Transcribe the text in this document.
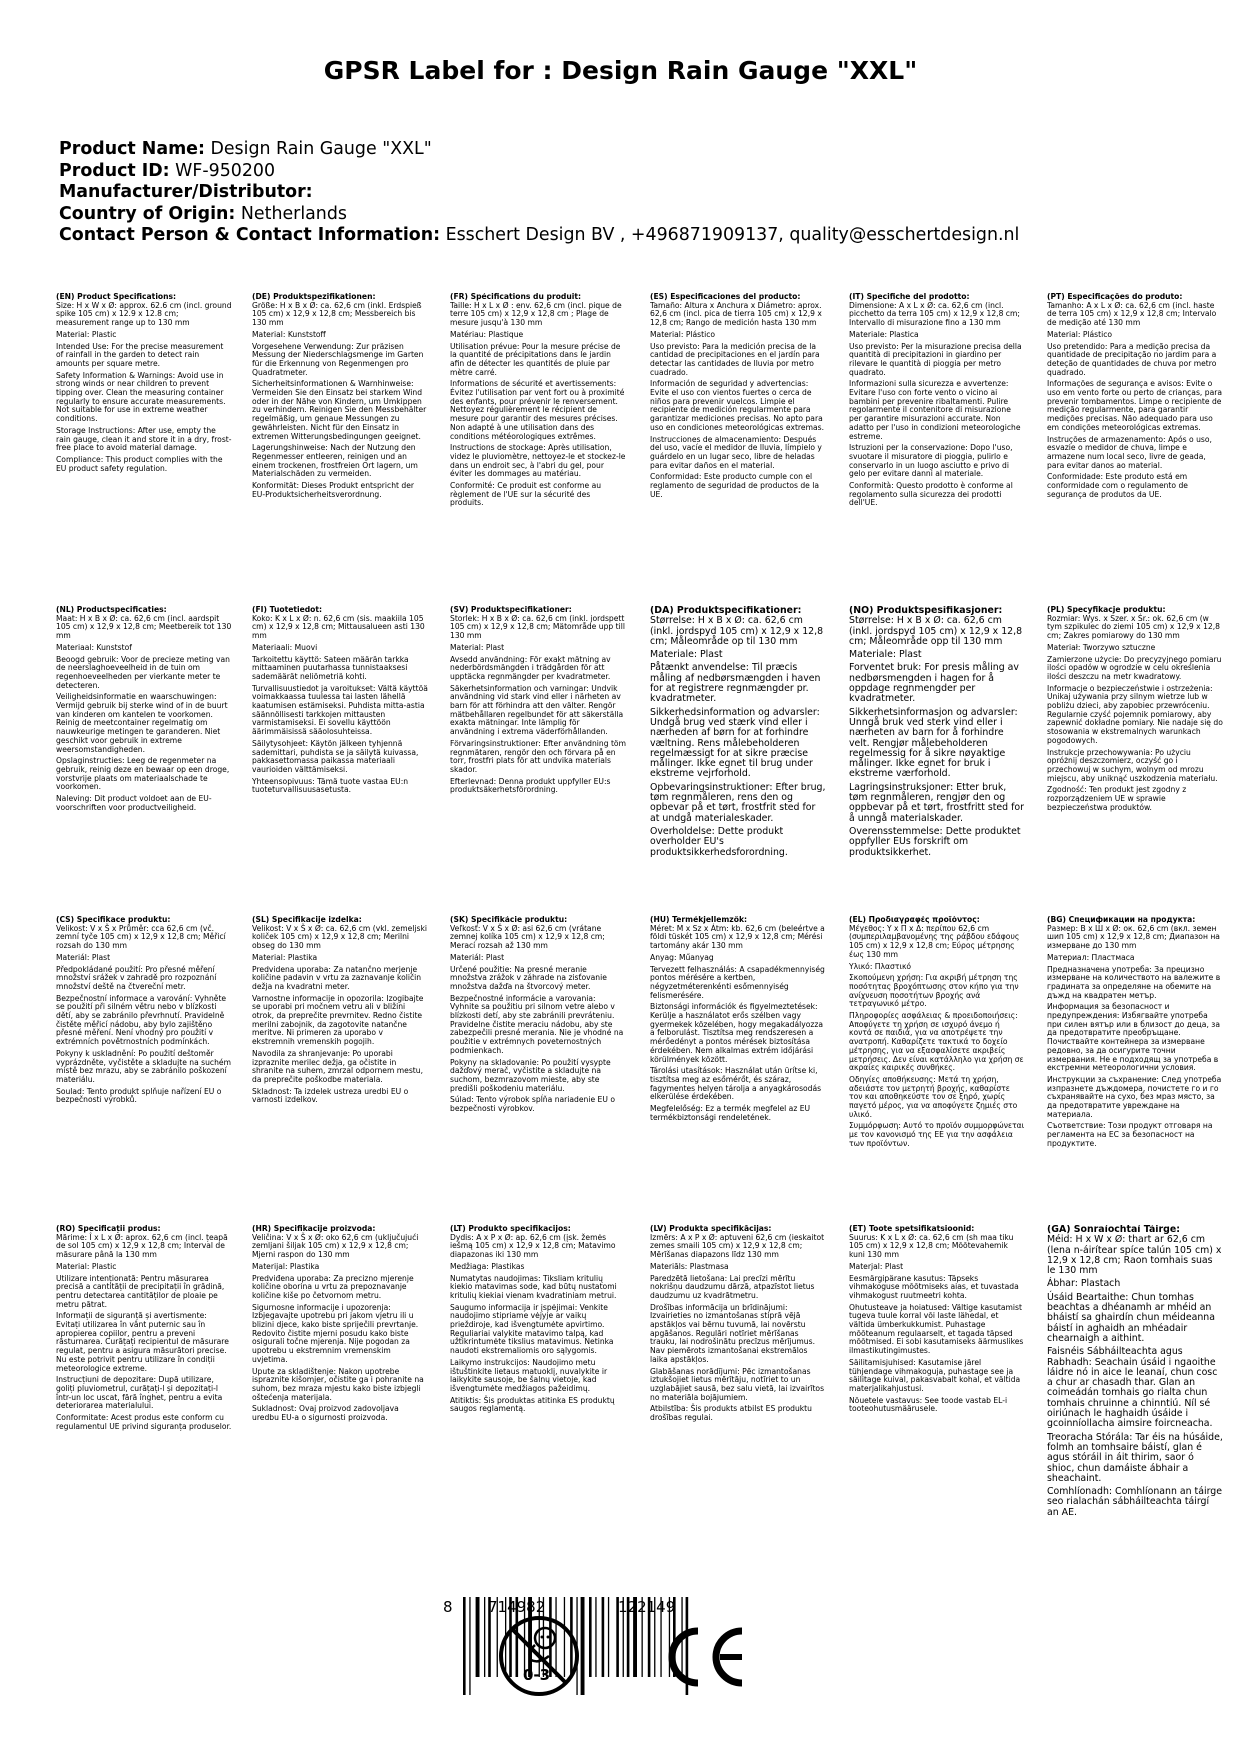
GPSR Label for : Design Rain Gauge "XXL"
Product Name: Design Rain Gauge "XXL"
Product ID: WF-950200
Manufacturer/Distributor:
Country of Origin: Netherlands
Contact Person & Contact Information: Esschert Design BV , +496871909137, quality@esschertdesign.nl
(EN) Product Specifications:

Size: H x W x Ø: approx. 62.6 cm (incl. ground spike 105 cm) x 12.9 x 12.8 cm; measurement range up to 130 mm

Material: Plastic

Intended Use: For the precise measurement of rainfall in the garden to detect rain amounts per square metre.

Safety Information & Warnings: Avoid use in strong winds or near children to prevent tipping over. Clean the measuring container regularly to ensure accurate measurements. Not suitable for use in extreme weather conditions.

Storage Instructions: After use, empty the rain gauge, clean it and store it in a dry, frost-free place to avoid material damage.

Compliance: This product complies with the EU product safety regulation.

(DE) Produktspezifikationen:

Größe: H x B x Ø: ca. 62,6 cm (inkl. Erdspieß 105 cm) x 12,9 x 12,8 cm; Messbereich bis 130 mm

Material: Kunststoff

Vorgesehene Verwendung: Zur präzisen Messung der Niederschlagsmenge im Garten für die Erkennung von Regenmengen pro Quadratmeter.

Sicherheitsinformationen & Warnhinweise: Vermeiden Sie den Einsatz bei starkem Wind oder in der Nähe von Kindern, um Umkippen zu verhindern. Reinigen Sie den Messbehälter regelmäßig, um genaue Messungen zu gewährleisten. Nicht für den Einsatz in extremen Witterungsbedingungen geeignet.

Lagerungshinweise: Nach der Nutzung den Regenmesser entleeren, reinigen und an einem trockenen, frostfreien Ort lagern, um Materialschäden zu vermeiden.

Konformität: Dieses Produkt entspricht der EU-Produktsicherheitsverordnung.

(FR) Spécifications du produit:

Taille: H x L x Ø : env. 62,6 cm (incl. pique de terre 105 cm) x 12,9 x 12,8 cm ; Plage de mesure jusqu'à 130 mm

Matériau: Plastique

Utilisation prévue: Pour la mesure précise de la quantité de précipitations dans le jardin afin de détecter les quantités de pluie par mètre carré.

Informations de sécurité et avertissements: Évitez l'utilisation par vent fort ou à proximité des enfants, pour prévenir le renversement. Nettoyez régulièrement le récipient de mesure pour garantir des mesures précises. Non adapté à une utilisation dans des conditions météorologiques extrêmes.

Instructions de stockage: Après utilisation, videz le pluviomètre, nettoyez-le et stockez-le dans un endroit sec, à l'abri du gel, pour éviter les dommages au matériau.

Conformité: Ce produit est conforme au règlement de l'UE sur la sécurité des produits.

(ES) Especificaciones del producto:

Tamaño: Altura x Anchura x Diámetro: aprox. 62,6 cm (incl. pica de tierra 105 cm) x 12,9 x 12,8 cm; Rango de medición hasta 130 mm

Material: Plástico

Uso previsto: Para la medición precisa de la cantidad de precipitaciones en el jardín para detectar las cantidades de lluvia por metro cuadrado.

Información de seguridad y advertencias: Evite el uso con vientos fuertes o cerca de niños para prevenir vuelcos. Limpie el recipiente de medición regularmente para garantizar mediciones precisas. No apto para uso en condiciones meteorológicas extremas.

Instrucciones de almacenamiento: Después del uso, vacíe el medidor de lluvia, límpielo y guárdelo en un lugar seco, libre de heladas para evitar daños en el material.

Conformidad: Este producto cumple con el reglamento de seguridad de productos de la UE.

(IT) Specifiche del prodotto:

Dimensione: A x L x Ø: ca. 62,6 cm (incl. picchetto da terra 105 cm) x 12,9 x 12,8 cm; Intervallo di misurazione fino a 130 mm

Materiale: Plastica

Uso previsto: Per la misurazione precisa della quantità di precipitazioni in giardino per rilevare le quantità di pioggia per metro quadrato.

Informazioni sulla sicurezza e avvertenze: Evitare l'uso con forte vento o vicino ai bambini per prevenire ribaltamenti. Pulire regolarmente il contenitore di misurazione per garantire misurazioni accurate. Non adatto per l'uso in condizioni meteorologiche estreme.

Istruzioni per la conservazione: Dopo l'uso, svuotare il misuratore di pioggia, pulirlo e conservarlo in un luogo asciutto e privo di gelo per evitare danni al materiale.

Conformità: Questo prodotto è conforme al regolamento sulla sicurezza dei prodotti dell'UE.

(PT) Especificações do produto:

Tamanho: A x L x Ø: ca. 62,6 cm (incl. haste de terra 105 cm) x 12,9 x 12,8 cm; Intervalo de medição até 130 mm

Material: Plástico

Uso pretendido: Para a medição precisa da quantidade de precipitação no jardim para a deteção de quantidades de chuva por metro quadrado.

Informações de segurança e avisos: Evite o uso em vento forte ou perto de crianças, para prevenir tombamentos. Limpe o recipiente de medição regularmente, para garantir medições precisas. Não adequado para uso em condições meteorológicas extremas.

Instruções de armazenamento: Após o uso, esvazie o medidor de chuva, limpe e armazene num local seco, livre de geada, para evitar danos ao material.

Conformidade: Este produto está em conformidade com o regulamento de segurança de produtos da UE.

(NL) Productspecificaties:

Maat: H x B x Ø: ca. 62,6 cm (incl. aardspit 105 cm) x 12,9 x 12,8 cm; Meetbereik tot 130 mm

Materiaal: Kunststof

Beoogd gebruik: Voor de precieze meting van de neerslaghoeveelheid in de tuin om regenhoeveelheden per vierkante meter te detecteren.

Veiligheidsinformatie en waarschuwingen: Vermijd gebruik bij sterke wind of in de buurt van kinderen om kantelen te voorkomen. Reinig de meetcontainer regelmatig om nauwkeurige metingen te garanderen. Niet geschikt voor gebruik in extreme weersomstandigheden.

Opslaginstructies: Leeg de regenmeter na gebruik, reinig deze en bewaar op een droge, vorstvrije plaats om materiaalschade te voorkomen.

Naleving: Dit product voldoet aan de EU-voorschriften voor productveiligheid.

(FI) Tuotetiedot:

Koko: K x L x Ø: n. 62,6 cm (sis. maakiila 105 cm) x 12,9 x 12,8 cm; Mittausalueen asti 130 mm

Materiaali: Muovi

Tarkoitettu käyttö: Sateen määrän tarkka mittaaminen puutarhassa tunnistaaksesi sademäärät neliömetriä kohti.

Turvallisuustiedot ja varoitukset: Vältä käyttöä voimakkaassa tuulessa tai lasten lähellä kaatumisen estämiseksi. Puhdista mitta-astia säännöllisesti tarkkojen mittausten varmistamiseksi. Ei sovellu käyttöön äärimmäisissä sääolosuhteissa.

Säilytysohjeet: Käytön jälkeen tyhjennä sademittari, puhdista se ja säilytä kuivassa, pakkasettomassa paikassa materiaali vaurioiden välttämiseksi.

Yhteensopivuus: Tämä tuote vastaa EU:n tuoteturvallisuusasetusta.

(SV) Produktspecifikationer:

Storlek: H x B x Ø: ca. 62,6 cm (inkl. jordspett 105 cm) x 12,9 x 12,8 cm; Mätområde upp till 130 mm

Material: Plast

Avsedd användning: För exakt mätning av nederbördsmängden i trädgården för att upptäcka regnmängder per kvadratmeter.

Säkerhetsinformation och varningar: Undvik användning vid stark vind eller i närheten av barn för att förhindra att den välter. Rengör mätbehållaren regelbundet för att säkerställa exakta mätningar. Inte lämplig för användning i extrema väderförhållanden.

Förvaringsinstruktioner: Efter användning töm regnmätaren, rengör den och förvara på en torr, frostfri plats för att undvika materials skador.

Efterlevnad: Denna produkt uppfyller EU:s produktsäkerhetsförordning.

(DA) Produktspecifikationer:

Størrelse: H x B x Ø: ca. 62,6 cm (inkl. jordspyd 105 cm) x 12,9 x 12,8 cm; Måleområde op til 130 mm

Materiale: Plast

Påtænkt anvendelse: Til præcis måling af nedbørsmængden i haven for at registrere regnmængder pr. kvadratmeter.

Sikkerhedsinformation og advarsler: Undgå brug ved stærk vind eller i nærheden af børn for at forhindre væltning. Rens målebeholderen regelmæssigt for at sikre præcise målinger. Ikke egnet til brug under ekstreme vejrforhold.

Opbevaringsinstruktioner: Efter brug, tøm regnmåleren, rens den og opbevar på et tørt, frostfrit sted for at undgå materialeskader.

Overholdelse: Dette produkt overholder EU's produktsikkerhedsforordning.

(NO) Produktspesifikasjoner:

Størrelse: H x B x Ø: ca. 62,6 cm (inkl. jordspyd 105 cm) x 12,9 x 12,8 cm; Måleområde opp til 130 mm

Materiale: Plast

Forventet bruk: For presis måling av nedbørsmengden i hagen for å oppdage regnmengder per kvadratmeter.

Sikkerhetsinformasjon og advarsler: Unngå bruk ved sterk vind eller i nærheten av barn for å forhindre velt. Rengjør målebeholderen regelmessig for å sikre nøyaktige målinger. Ikke egnet for bruk i ekstreme værforhold.

Lagringsinstruksjoner: Etter bruk, tøm regnmåleren, rengjør den og oppbevar på et tørt, frostfritt sted for å unngå materialskader.

Overensstemmelse: Dette produktet oppfyller EUs forskrift om produktsikkerhet.

(PL) Specyfikacje produktu:

Rozmiar: Wys. x Szer. x Śr.: ok. 62,6 cm (w tym szpikulec do ziemi 105 cm) x 12,9 x 12,8 cm; Zakres pomiarowy do 130 mm

Materiał: Tworzywo sztuczne

Zamierzone użycie: Do precyzyjnego pomiaru ilości opadów w ogrodzie w celu określenia ilości deszczu na metr kwadratowy.

Informacje o bezpieczeństwie i ostrzeżenia: Unikaj używania przy silnym wietrze lub w pobliżu dzieci, aby zapobiec przewróceniu. Regularnie czyść pojemnik pomiarowy, aby zapewnić dokładne pomiary. Nie nadaje się do stosowania w ekstremalnych warunkach pogodowych.

Instrukcje przechowywania: Po użyciu opróżnij deszczomierz, oczyść go i przechowuj w suchym, wolnym od mrozu miejscu, aby uniknąć uszkodzenia materiału.

Zgodność: Ten produkt jest zgodny z rozporządzeniem UE w sprawie bezpieczeństwa produktów.

(CS) Specifikace produktu:

Velikost: V x Š x Průměr: cca 62,6 cm (vč. zemní tyče 105 cm) x 12,9 x 12,8 cm; Měřicí rozsah do 130 mm

Materiál: Plast

Předpokládané použití: Pro přesné měření množství srážek v zahradě pro rozpoznání množství deště na čtvereční metr.

Bezpečnostní informace a varování: Vyhněte se použití při silném větru nebo v blízkosti dětí, aby se zabránilo převrhnutí. Pravidelně čistěte měřicí nádobu, aby bylo zajištěno přesné měření. Není vhodný pro použití v extrémních povětrnostních podmínkách.

Pokyny k uskladnění: Po použití deštoměr vyprázdněte, vyčistěte a skladujte na suchém místě bez mrazu, aby se zabránilo poškození materiálu.

Soulad: Tento produkt splňuje nařízení EU o bezpečnosti výrobků.

(SL) Specifikacije izdelka:

Velikost: V x Š x Ø: ca. 62,6 cm (vkl. zemeljski količek 105 cm) x 12,9 x 12,8 cm; Merilni obseg do 130 mm

Material: Plastika

Predvidena uporaba: Za natančno merjenje količine padavin v vrtu za zaznavanje količin dežja na kvadratni meter.

Varnostne informacije in opozorila: Izogibajte se uporabi pri močnem vetru ali v bližini otrok, da preprečite prevrnitev. Redno čistite merilni zabojnik, da zagotovite natančne meritve. Ni primeren za uporabo v ekstremnih vremenskih pogojih.

Navodila za shranjevanje: Po uporabi izpraznite merilec dežja, ga očistite in shranite na suhem, zmrzal odpornem mestu, da preprečite poškodbe materiala.

Skladnost: Ta izdelek ustreza uredbi EU o varnosti izdelkov.

(SK) Špecifikácie produktu:

Veľkosť: V x Š x Ø: asi 62,6 cm (vrátane zemnej kolíka 105 cm) x 12,9 x 12,8 cm; Merací rozsah až 130 mm

Materiál: Plast

Určené použitie: Na presné meranie množstva zrážok v záhrade na zisťovanie množstva dažďa na štvorcový meter.

Bezpečnostné informácie a varovania: Vyhnite sa použitiu pri silnom vetre alebo v blízkosti detí, aby ste zabránili prevráteniu. Pravidelne čistite meraciu nádobu, aby ste zabezpečili presné merania. Nie je vhodné na použitie v extrémnych poveternostných podmienkach.

Pokyny na skladovanie: Po použití vysypte dažďový merač, vyčistite a skladujte na suchom, bezmrazovom mieste, aby ste predišli poškodeniu materiálu.

Súlad: Tento výrobok spĺňa nariadenie EU o bezpečnosti výrobkov.

(HU) Termékjellemzők:

Méret: M x Sz x Átm: kb. 62,6 cm (beleértve a földi tüskét 105 cm) x 12,9 x 12,8 cm; Mérési tartomány akár 130 mm

Anyag: Műanyag

Tervezett felhasználás: A csapadékmennyiség pontos mérésére a kertben, négyzetméterenkénti esőmennyiség felismerésére.

Biztonsági információk és figyelmeztetések: Kerülje a használatot erős szélben vagy gyermekek közelében, hogy megakadályozza a felborulást. Tisztítsa meg rendszeresen a mérőedényt a pontos mérések biztosítása érdekében. Nem alkalmas extrém időjárási körülmények között.

Tárolási utasítások: Használat után ürítse ki, tisztítsa meg az esőmérőt, és száraz, fagymentes helyen tárolja a anyagkárosodás elkerülése érdekében.

Megfelelőség: Ez a termék megfelel az EU termékbiztonsági rendeletének.

(EL) Προδιαγραφές προϊόντος:

Μέγεθος: Υ x Π x Δ: περίπου 62,6 cm (συμπεριλαμβανομένης της ράβδου εδάφους 105 cm) x 12,9 x 12,8 cm; Εύρος μέτρησης έως 130 mm

Υλικό: Πλαστικό

Σκοπούμενη χρήση: Για ακριβή μέτρηση της ποσότητας βροχόπτωσης στον κήπο για την ανίχνευση ποσοτήτων βροχής ανά τετραγωνικό μέτρο.

Πληροφορίες ασφάλειας & προειδοποιήσεις: Αποφύγετε τη χρήση σε ισχυρό άνεμο ή κοντά σε παιδιά, για να αποτρέψετε την ανατροπή. Καθαρίζετε τακτικά το δοχείο μέτρησης, για να εξασφαλίσετε ακριβείς μετρήσεις. Δεν είναι κατάλληλο για χρήση σε ακραίες καιρικές συνθήκες.

Οδηγίες αποθήκευσης: Μετά τη χρήση, αδειάστε τον μετρητή βροχής, καθαρίστε τον και αποθηκεύστε τον σε ξηρό, χωρίς παγετό μέρος, για να αποφύγετε ζημιές στο υλικό.

Συμμόρφωση: Αυτό το προϊόν συμμορφώνεται με τον κανονισμό της ΕΕ για την ασφάλεια των προϊόντων.

(BG) Спецификации на продукта:

Размер: В x Ш x Ø: ок. 62,6 cm (вкл. земен шип 105 cm) x 12,9 x 12,8 cm; Диапазон на измерване до 130 mm

Материал: Пластмаса

Предназначена употреба: За прецизно измерване на количеството на валежите в градината за определяне на обемите на дъжд на квадратен метър.

Информация за безопасност и предупреждения: Избягвайте употреба при силен вятър или в близост до деца, за да предотвратите преобръщане. Почиствайте контейнера за измерване редовно, за да осигурите точни измервания. Не е подходящ за употреба в екстремни метеорологични условия.

Инструкции за съхранение: След употреба изпразнете дъждомера, почистете го и го съхранявайте на сухо, без мраз място, за да предотвратите увреждане на материала.

Съответствие: Този продукт отговаря на регламента на ЕС за безопасност на продуктите.

(RO) Specificații produs:

Mărime: Î x L x Ø: aprox. 62,6 cm (incl. țeapă de sol 105 cm) x 12,9 x 12,8 cm; Interval de măsurare până la 130 mm

Material: Plastic

Utilizare intenționată: Pentru măsurarea precisă a cantității de precipitații în grădină, pentru detectarea cantităților de ploaie pe metru pătrat.

Informații de siguranță și avertismente: Evitați utilizarea în vânt puternic sau în apropierea copiilor, pentru a preveni răsturnarea. Curățați recipientul de măsurare regulat, pentru a asigura măsurători precise. Nu este potrivit pentru utilizare în condiții meteorologice extreme.

Instrucțiuni de depozitare: După utilizare, goliți pluviometrul, curățați-l și depozitați-l într-un loc uscat, fără înghet, pentru a evita deteriorarea materialului.

Conformitate: Acest produs este conform cu regulamentul UE privind siguranța produselor.

(HR) Specifikacije proizvoda:

Veličina: V x Š x Ø: oko 62,6 cm (uključujući zemljani šiljak 105 cm) x 12,9 x 12,8 cm; Mjerni raspon do 130 mm

Materijal: Plastika

Predviđena uporaba: Za precizno mjerenje količine oborina u vrtu za prepoznavanje količine kiše po četvornom metru.

Sigurnosne informacije i upozorenja: Izbjegavajte upotrebu pri jakom vjetru ili u blizini djece, kako biste spriječili prevrtanje. Redovito čistite mjerni posudu kako biste osigurali točne mjerenja. Nije pogodan za upotrebu u ekstremnim vremenskim uvjetima.

Upute za skladištenje: Nakon upotrebe ispraznite kišomjer, očistite ga i pohranite na suhom, bez mraza mjestu kako biste izbjegli oštećenja materijala.

Sukladnost: Ovaj proizvod zadovoljava uredbu EU-a o sigurnosti proizvoda.

(LT) Produkto specifikacijos:

Dydis: A x P x Ø: ap. 62,6 cm (įsk. žemės iešmą 105 cm) x 12,9 x 12,8 cm; Matavimo diapazonas iki 130 mm

Medžiaga: Plastikas

Numatytas naudojimas: Tiksliam kritulių kiekio matavimas sode, kad būtų nustatomi kritulių kiekiai vienam kvadratiniam metrui.

Saugumo informacija ir įspėjimai: Venkite naudojimo stipriame vėjyje ar vaikų prieždiroje, kad išvengtumėte apvirtimo. Reguliariai valykite matavimo talpą, kad užtikrintumėte tikslius matavimus. Netinka naudoti ekstremaliomis oro sąlygomis.

Laikymo instrukcijos: Naudojimo metu ištuštinkite lietaus matuoklį, nuvalykite ir laikykite sausoje, be šalnų vietoje, kad išvengtumėte medžiagos pažeidimų.

Atitiktis: Šis produktas atitinka ES produktų saugos reglamentą.

(LV) Produkta specifikācijas:

Izmērs: A x P x Ø: aptuveni 62,6 cm (ieskaitot zemes smaili 105 cm) x 12,9 x 12,8 cm; Mērīšanas diapazons līdz 130 mm

Materiāls: Plastmasa

Paredzētā lietošana: Lai precīzi mērītu nokrišņu daudzumu dārzā, atpazīstot lietus daudzumu uz kvadrātmetru.

Drošības informācija un brīdinājumi: Izvairieties no izmantošanas stiprā vējā apstākļos vai bērnu tuvumā, lai novērstu apgāšanos. Regulāri notīriet mērīšanas trauku, lai nodrošinātu precīzus mērījumus. Nav piemērots izmantošanai ekstremālos laika apstākļos.

Glabāšanas norādījumi: Pēc izmantošanas iztukšojiet lietus mērītāju, notīriet to un uzglabājiet sausā, bez salu vietā, lai izvairītos no materiāla bojājumiem.

Atbilstība: Šis produkts atbilst ES produktu drošības regulai.

(ET) Toote spetsifikatsioonid:

Suurus: K x L x Ø: ca. 62,6 cm (sh maa tiku 105 cm) x 12,9 x 12,8 cm; Mõõtevahemik kuni 130 mm

Materjal: Plast

Eesmärgipärane kasutus: Täpseks vihmakoguse mõõtmiseks aias, et tuvastada vihmakogust ruutmeetri kohta.

Ohutusteave ja hoiatused: Vältige kasutamist tugeva tuule korral või laste lähedal, et vältida ümberkukkumist. Puhastage mõõteanum regulaarselt, et tagada täpsed mõõtmised. Ei sobi kasutamiseks äärmuslikes ilmastikutingimustes.

Säilitamisjuhised: Kasutamise järel tühjendage vihmakoguja, puhastage see ja säilitage kuival, pakasvabalt kohal, et vältida materjalikahjustusi.

Nõuetele vastavus: See toode vastab EL-i tooteohutusmäärusele.

(GA) Sonraíochtaí Táirge:

Méid: H x W x Ø: thart ar 62,6 cm (lena n-áirítear spíce talún 105 cm) x 12,9 x 12,8 cm; Raon tomhais suas le 130 mm

Ábhar: Plastach

Úsáid Beartaithe: Chun tomhas beachtas a dhéanamh ar mhéid an bháistí sa ghairdín chun méideanna báistí in aghaidh an mhéadair chearnaigh a aithint.

Faisnéis Sábháilteachta agus Rabhadh: Seachain úsáid i ngaoithe láidre nó in aice le leanaí, chun cosc a chur ar chasadh thar. Glan an coimeádán tomhais go rialta chun tomhais chruinne a chinntiú. Níl sé oiriúnach le haghaidh úsáide i gcoinníollacha aimsire foircneacha.

Treoracha Stórála: Tar éis na húsáide, folmh an tomhsaire báistí, glan é agus stóráil in áit thirim, saor ó shioc, chun damáiste ábhair a sheachaint.

Comhlíonadh: Comhlíonann an táirge seo rialachán sábháilteachta táirgí an AE.

8 714982	122149
0-3
